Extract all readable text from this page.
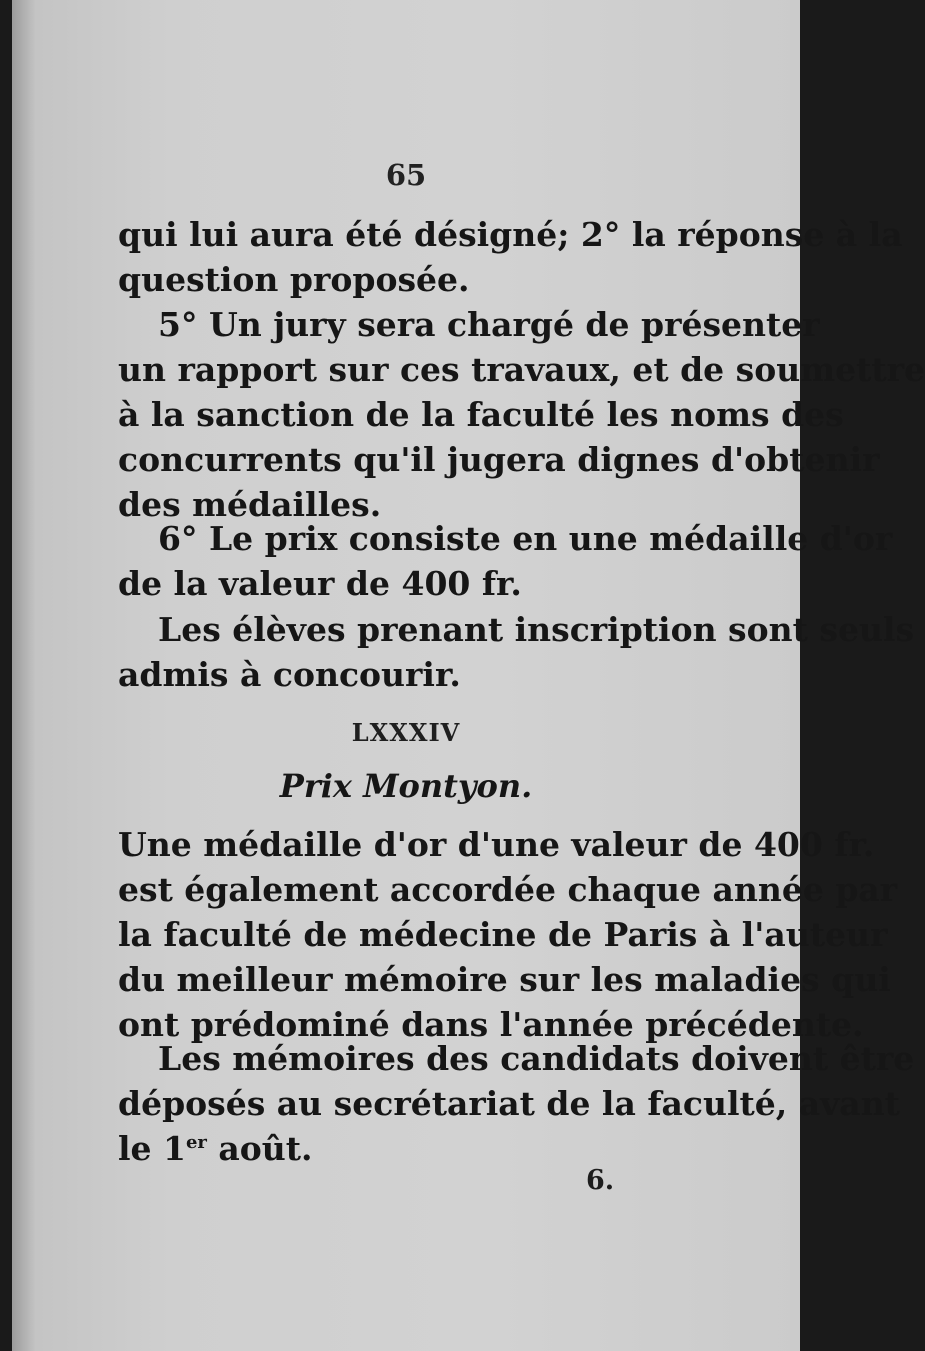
65
qui lui aura été désigné; 2° la réponse à la
question proposée.
5° Un jury sera chargé de présenter
un rapport sur ces travaux, et de soumettre
à la sanction de la faculté les noms des
concurrents qu'il jugera dignes d'obtenir
des médailles.
6° Le prix consiste en une médaille d'or
de la valeur de 400 fr.
Les élèves prenant inscription sont seuls
admis à concourir.
LXXXIV
Prix Montyon.
Une médaille d'or d'une valeur de 400 fr.
est également accordée chaque année par
la faculté de médecine de Paris à l'auteur
du meilleur mémoire sur les maladies qui
ont prédominé dans l'année précédente.
Les mémoires des candidats doivent être
déposés au secrétariat de la faculté, avant
le 1er août.
6.
